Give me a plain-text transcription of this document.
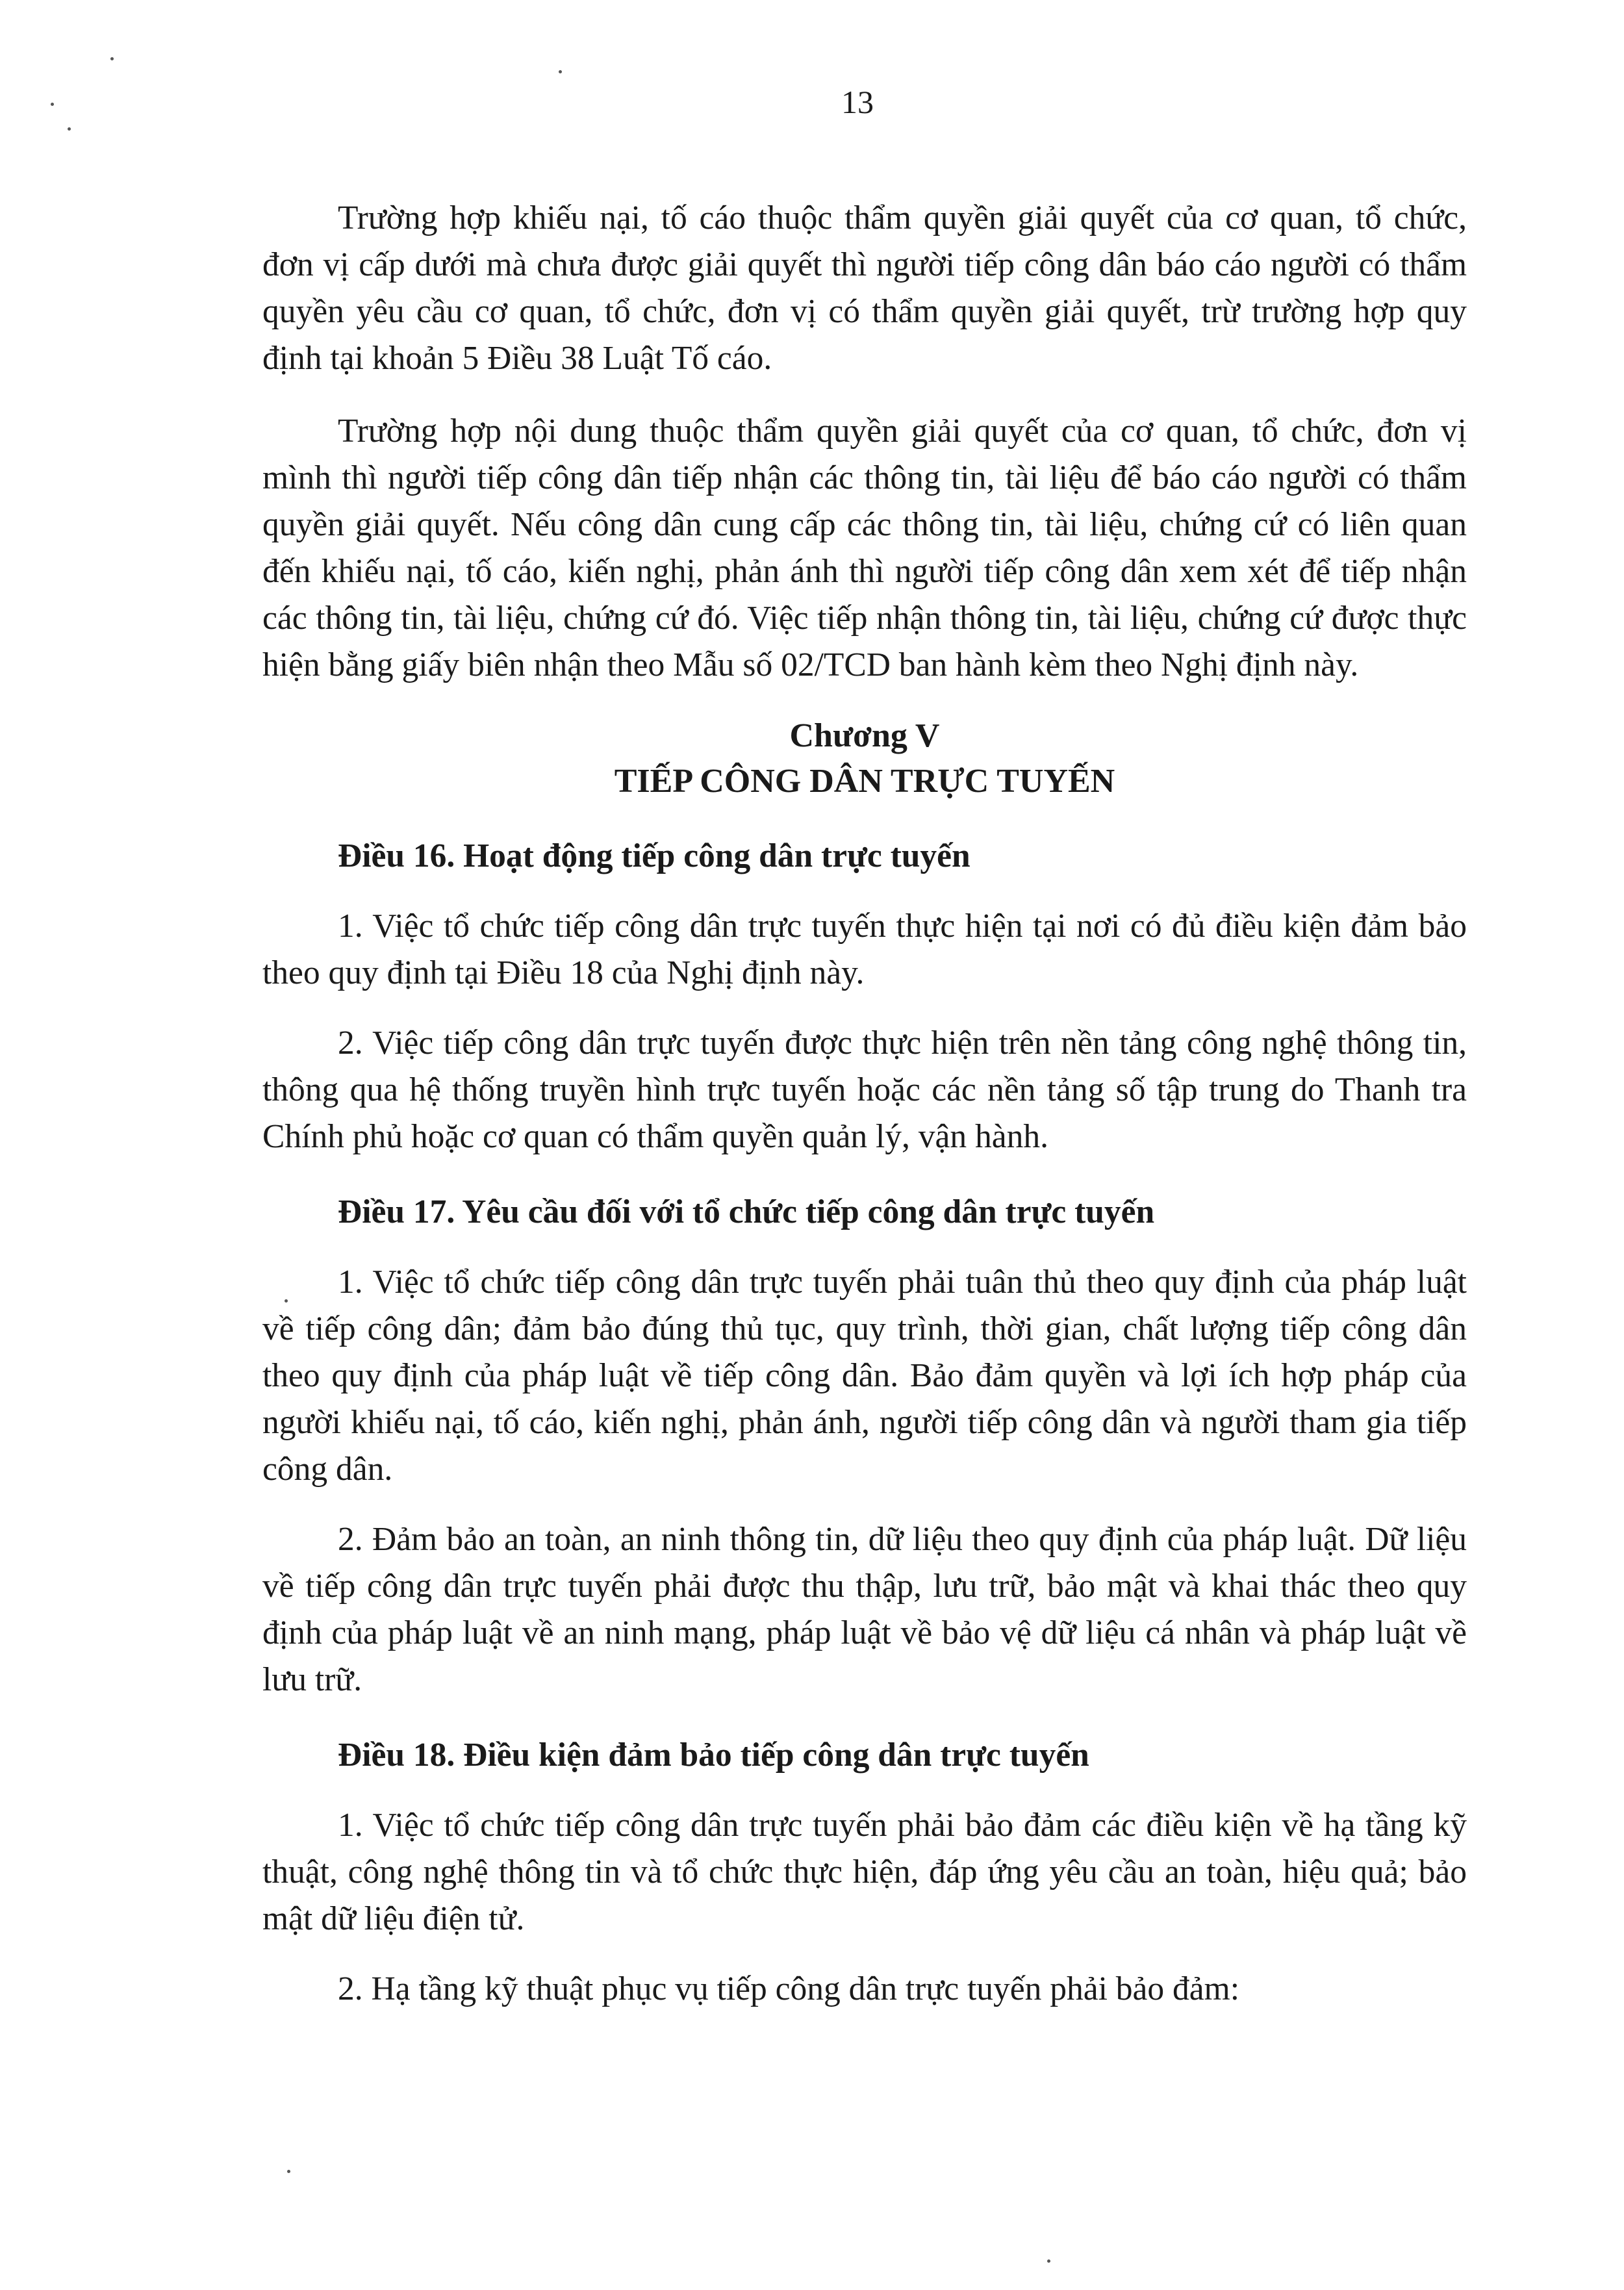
13

Trường hợp khiếu nại, tố cáo thuộc thẩm quyền giải quyết của cơ quan, tổ chức, đơn vị cấp dưới mà chưa được giải quyết thì người tiếp công dân báo cáo người có thẩm quyền yêu cầu cơ quan, tổ chức, đơn vị có thẩm quyền giải quyết, trừ trường hợp quy định tại khoản 5 Điều 38 Luật Tố cáo.

Trường hợp nội dung thuộc thẩm quyền giải quyết của cơ quan, tổ chức, đơn vị mình thì người tiếp công dân tiếp nhận các thông tin, tài liệu để báo cáo người có thẩm quyền giải quyết. Nếu công dân cung cấp các thông tin, tài liệu, chứng cứ có liên quan đến khiếu nại, tố cáo, kiến nghị, phản ánh thì người tiếp công dân xem xét để tiếp nhận các thông tin, tài liệu, chứng cứ đó. Việc tiếp nhận thông tin, tài liệu, chứng cứ được thực hiện bằng giấy biên nhận theo Mẫu số 02/TCD ban hành kèm theo Nghị định này.

Chương V
TIẾP CÔNG DÂN TRỰC TUYẾN
Điều 16. Hoạt động tiếp công dân trực tuyến

1. Việc tổ chức tiếp công dân trực tuyến thực hiện tại nơi có đủ điều kiện đảm bảo theo quy định tại Điều 18 của Nghị định này.

2. Việc tiếp công dân trực tuyến được thực hiện trên nền tảng công nghệ thông tin, thông qua hệ thống truyền hình trực tuyến hoặc các nền tảng số tập trung do Thanh tra Chính phủ hoặc cơ quan có thẩm quyền quản lý, vận hành.

Điều 17. Yêu cầu đối với tổ chức tiếp công dân trực tuyến

1. Việc tổ chức tiếp công dân trực tuyến phải tuân thủ theo quy định của pháp luật về tiếp công dân; đảm bảo đúng thủ tục, quy trình, thời gian, chất lượng tiếp công dân theo quy định của pháp luật về tiếp công dân. Bảo đảm quyền và lợi ích hợp pháp của người khiếu nại, tố cáo, kiến nghị, phản ánh, người tiếp công dân và người tham gia tiếp công dân.

2. Đảm bảo an toàn, an ninh thông tin, dữ liệu theo quy định của pháp luật. Dữ liệu về tiếp công dân trực tuyến phải được thu thập, lưu trữ, bảo mật và khai thác theo quy định của pháp luật về an ninh mạng, pháp luật về bảo vệ dữ liệu cá nhân và pháp luật về lưu trữ.

Điều 18. Điều kiện đảm bảo tiếp công dân trực tuyến

1. Việc tổ chức tiếp công dân trực tuyến phải bảo đảm các điều kiện về hạ tầng kỹ thuật, công nghệ thông tin và tổ chức thực hiện, đáp ứng yêu cầu an toàn, hiệu quả; bảo mật dữ liệu điện tử.

2. Hạ tầng kỹ thuật phục vụ tiếp công dân trực tuyến phải bảo đảm:
